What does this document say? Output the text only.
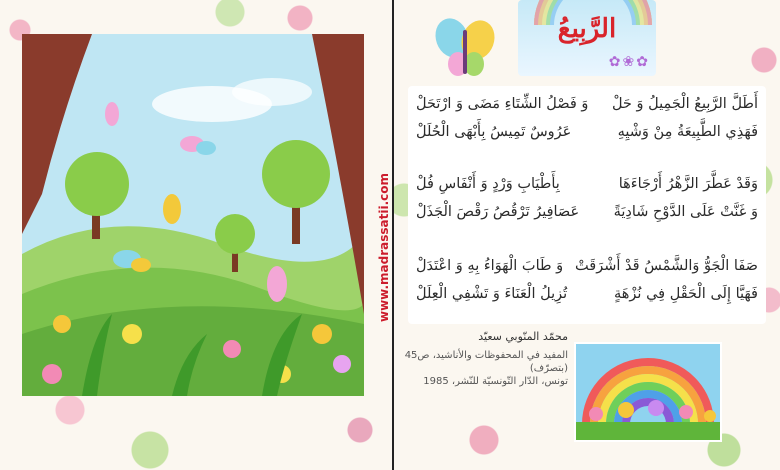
الرَّبِيعُ
✿❀✿
أَطَلَّ الرَّبِيعُ الْجَمِيلُ وَ حَلْ
وَ فَصْلُ الشِّتَاءِ مَضَى وَ ارْتَحَلْ
فَهَذِي الطَّبِيعَةُ مِنْ وَشْيِهِ
عَرُوسٌ تَمِيسُ بِأَبْهَى الْحُلَلْ
وَقَدْ عَطَّرَ الزَّهْرُ أَرْجَاءَهَا
بِأَطْيَابِ وَرْدٍ وَ أَنْفَاسِ فُلْ
وَ غَنَّتْ عَلَى الدَّوْحِ شَادِيَةً
عَصَافِيرُ تَرْقُصُ رَقْصَ الْجَذَلْ
صَفَا الْجَوُّ وَالشَّمْسُ قَدْ أَشْرَقَتْ
وَ طَابَ الْهَوَاءُ بِهِ وَ اعْتَدَلْ
فَهَيَّا إِلَى الْحَقْلِ فِي نُزْهَةٍ
تُزِيلُ الْعَنَاءَ وَ تَشْفِي الْعِلَلْ
محمّد المنّوبي سعيّد
المفيد في المحفوظات والأناشيد، ص45 (بتصرّف)
تونس، الدّار التّونسيّة للنّشر، 1985
www.madrassatii.com
